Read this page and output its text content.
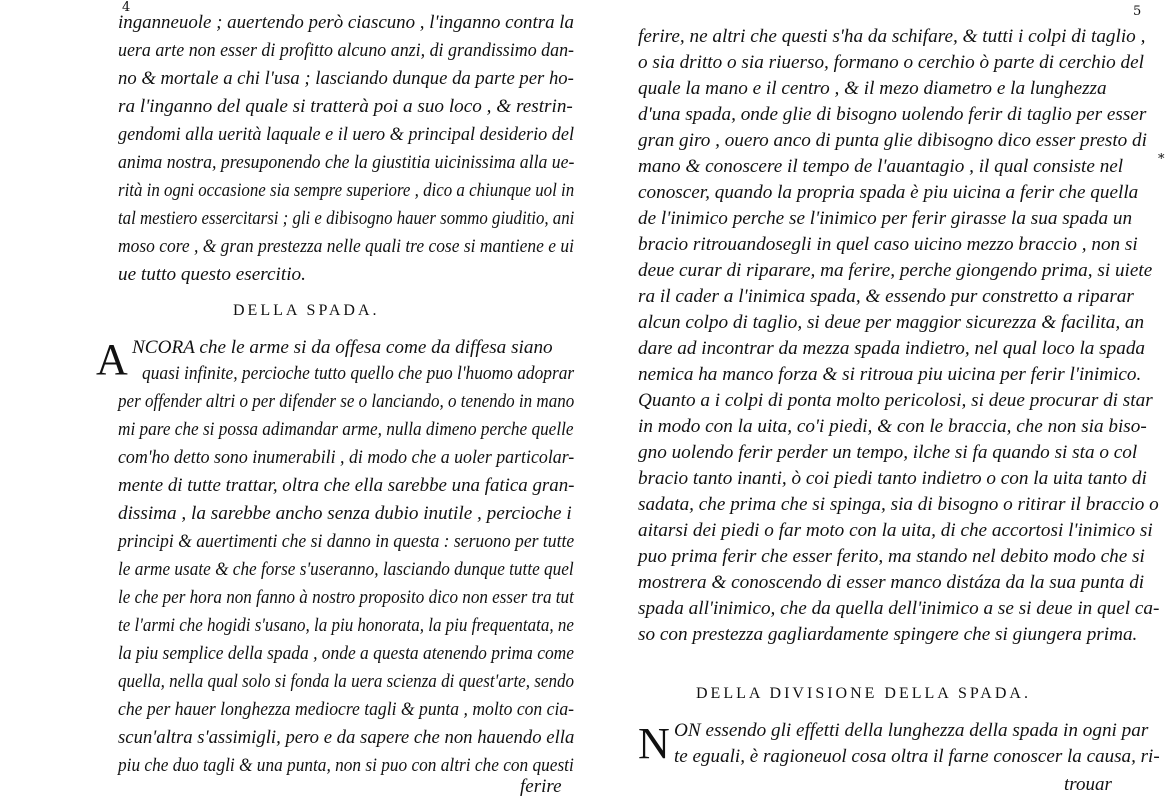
4
inganneuole ; auertendo però ciascuno , l'inganno contra la
uera arte non esser di profitto alcuno anzi, di grandissimo dan-
no & mortale a chi l'usa ; lasciando dunque da parte per ho-
ra l'inganno del quale si tratterà poi a suo loco , & restrin-
gendomi alla uerità laquale e il uero & principal desiderio del
anima nostra, presuponendo che la giustitia uicinissima alla ue-
rità in ogni occasione sia sempre superiore , dico a chiunque uol in
tal mestiero essercitarsi ; gli e dibisogno hauer sommo giuditio, ani
moso core , & gran prestezza nelle quali tre cose si mantiene e ui
ue tutto questo esercitio.
DELLA SPADA.
A NCORA che le arme si da offesa come da diffesa siano
quasi infinite, percioche tutto quello che puo l'huomo adoprar
per offender altri o per difender se o lanciando, o tenendo in mano
mi pare che si possa adimandar arme, nulla dimeno perche quelle
com'ho detto sono inumerabili , di modo che a uoler particolar-
mente di tutte trattar, oltra che ella sarebbe una fatica gran-
dissima , la sarebbe ancho senza dubio inutile , percioche i
principi & auertimenti che si danno in questa : seruono per tutte
le arme usate & che forse s'useranno, lasciando dunque tutte quel
le che per hora non fanno à nostro proposito dico non esser tra tut
te l'armi che hogidi s'usano, la piu honorata, la piu frequentata, ne
la piu semplice della spada , onde a questa atenendo prima come
quella, nella qual solo si fonda la uera scienza di quest'arte, sendo
che per hauer longhezza mediocre tagli & punta , molto con cia-
scun'altra s'assimigli, pero e da sapere che non hauendo ella
piu che duo tagli & una punta, non si puo con altri che con questi
ferire
5
ferire, ne altri che questi s'ha da schifare, & tutti i colpi di taglio ,
o sia dritto o sia riuerso, formano o cerchio ò parte di cerchio del
quale la mano e il centro , & il mezo diametro e la lunghezza
d'una spada, onde glie di bisogno uolendo ferir di taglio per esser
gran giro , ouero anco di punta glie dibisogno dico esser presto di
mano & conoscere il tempo de l'auantagio , il qual consiste nel
conoscer, quando la propria spada è piu uicina a ferir che quella
de l'inimico perche se l'inimico per ferir girasse la sua spada un
bracio ritrouandosegli in quel caso uicino mezzo braccio , non si
deue curar di riparare, ma ferire, perche giongendo prima, si uiete
ra il cader a l'inimica spada, & essendo pur constretto a riparar
alcun colpo di taglio, si deue per maggior sicurezza & facilita, an
dare ad incontrar da mezza spada indietro, nel qual loco la spada
nemica ha manco forza & si ritroua piu uicina per ferir l'inimico.
Quanto a i colpi di ponta molto pericolosi, si deue procurar di star
in modo con la uita, co'i piedi, & con le braccia, che non sia biso-
gno uolendo ferir perder un tempo, ilche si fa quando si sta o col
bracio tanto inanti, ò coi piedi tanto indietro o con la uita tanto di
sadata, che prima che si spinga, sia di bisogno o ritirar il braccio o
aitarsi dei piedi o far moto con la uita, di che accortosi l'inimico si
puo prima ferir che esser ferito, ma stando nel debito modo che si
mostrera & conoscendo di esser manco distáza da la sua punta di
spada all'inimico, che da quella dell'inimico a se si deue in quel ca-
so con prestezza gagliardamente spingere che si giungera prima.
*
DELLA DIVISIONE DELLA SPADA.
N ON essendo gli effetti della lunghezza della spada in ogni par
te eguali, è ragioneuol cosa oltra il farne conoscer la causa, ri-
trouar
